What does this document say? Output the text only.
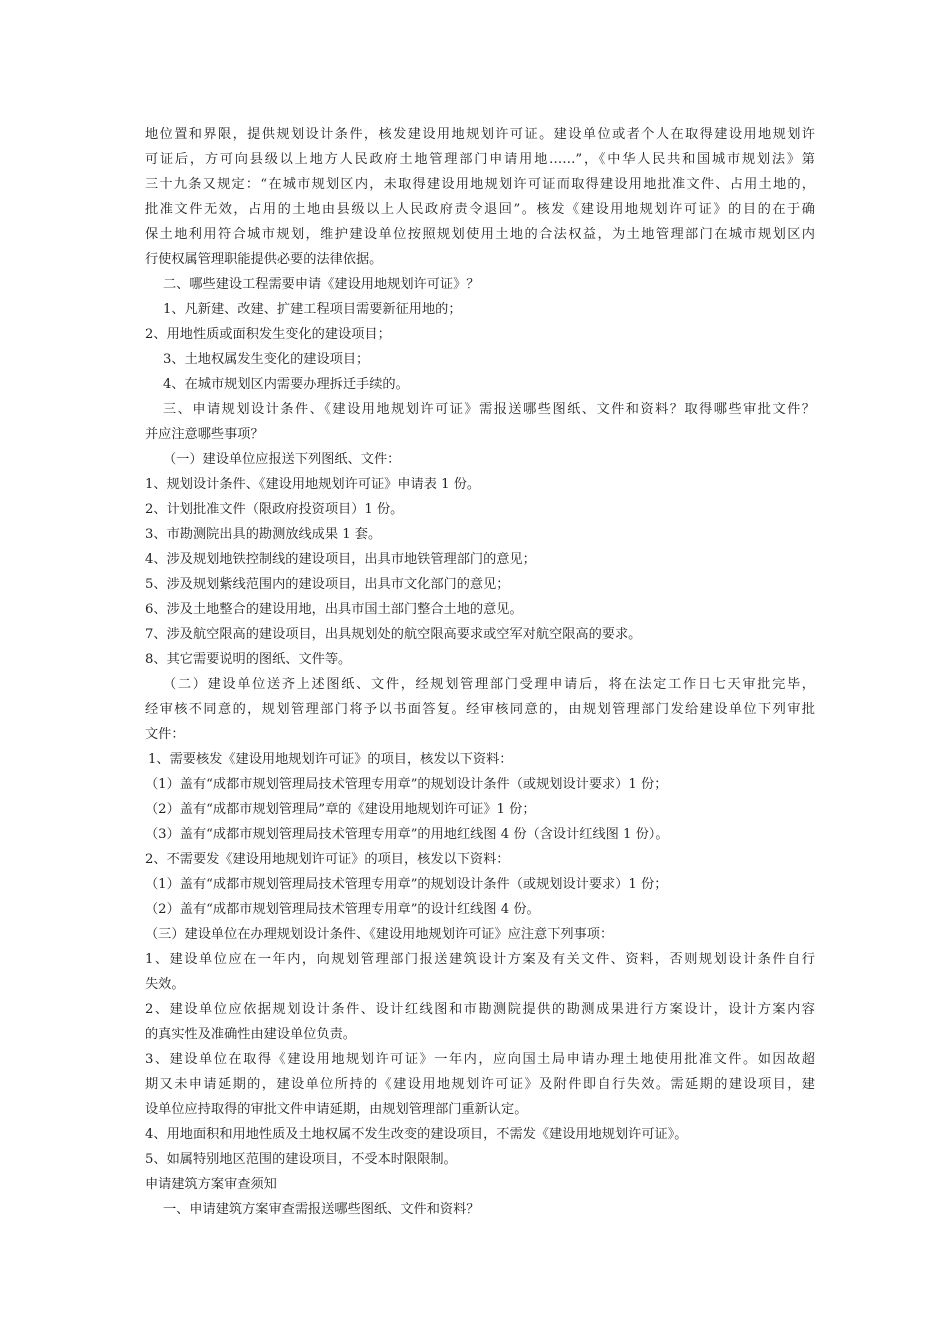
地位置和界限，提供规划设计条件，核发建设用地规划许可证。建设单位或者个人在取得建设用地规划许
可证后，方可向县级以上地方人民政府土地管理部门申请用地……”，《中华人民共和国城市规划法》第
三十九条又规定：“在城市规划区内，未取得建设用地规划许可证而取得建设用地批准文件、占用土地的，
批准文件无效，占用的土地由县级以上人民政府责令退回”。核发《建设用地规划许可证》的目的在于确
保土地利用符合城市规划，维护建设单位按照规划使用土地的合法权益，为土地管理部门在城市规划区内
行使权属管理职能提供必要的法律依据。
二、哪些建设工程需要申请《建设用地规划许可证》？
1、凡新建、改建、扩建工程项目需要新征用地的；
2、用地性质或面积发生变化的建设项目；
3、土地权属发生变化的建设项目；
4、在城市规划区内需要办理拆迁手续的。
三、申请规划设计条件、《建设用地规划许可证》需报送哪些图纸、文件和资料？取得哪些审批文件？
并应注意哪些事项？
（一）建设单位应报送下列图纸、文件：
1、规划设计条件、《建设用地规划许可证》申请表 1 份。
2、计划批准文件（限政府投资项目）1 份。
3、市勘测院出具的勘测放线成果 1 套。
4、涉及规划地铁控制线的建设项目，出具市地铁管理部门的意见；
5、涉及规划紫线范围内的建设项目，出具市文化部门的意见；
6、涉及土地整合的建设用地，出具市国土部门整合土地的意见。
7、涉及航空限高的建设项目，出具规划处的航空限高要求或空军对航空限高的要求。
8、其它需要说明的图纸、文件等。
（二）建设单位送齐上述图纸、文件，经规划管理部门受理申请后，将在法定工作日七天审批完毕，
经审核不同意的，规划管理部门将予以书面答复。经审核同意的，由规划管理部门发给建设单位下列审批
文件：
1、需要核发《建设用地规划许可证》的项目，核发以下资料：
（1）盖有“成都市规划管理局技术管理专用章”的规划设计条件（或规划设计要求）1 份；
（2）盖有“成都市规划管理局”章的《建设用地规划许可证》1 份；
（3）盖有“成都市规划管理局技术管理专用章”的用地红线图 4 份（含设计红线图 1 份）。
2、不需要发《建设用地规划许可证》的项目，核发以下资料：
（1）盖有“成都市规划管理局技术管理专用章”的规划设计条件（或规划设计要求）1 份；
（2）盖有“成都市规划管理局技术管理专用章”的设计红线图 4 份。
（三）建设单位在办理规划设计条件、《建设用地规划许可证》应注意下列事项：
1、建设单位应在一年内，向规划管理部门报送建筑设计方案及有关文件、资料，否则规划设计条件自行
失效。
2、建设单位应依据规划设计条件、设计红线图和市勘测院提供的勘测成果进行方案设计，设计方案内容
的真实性及准确性由建设单位负责。
3、建设单位在取得《建设用地规划许可证》一年内，应向国土局申请办理土地使用批准文件。如因故超
期又未申请延期的，建设单位所持的《建设用地规划许可证》及附件即自行失效。需延期的建设项目，建
设单位应持取得的审批文件申请延期，由规划管理部门重新认定。
4、用地面积和用地性质及土地权属不发生改变的建设项目，不需发《建设用地规划许可证》。
5、如属特别地区范围的建设项目，不受本时限限制。
申请建筑方案审查须知
一、申请建筑方案审查需报送哪些图纸、文件和资料？
